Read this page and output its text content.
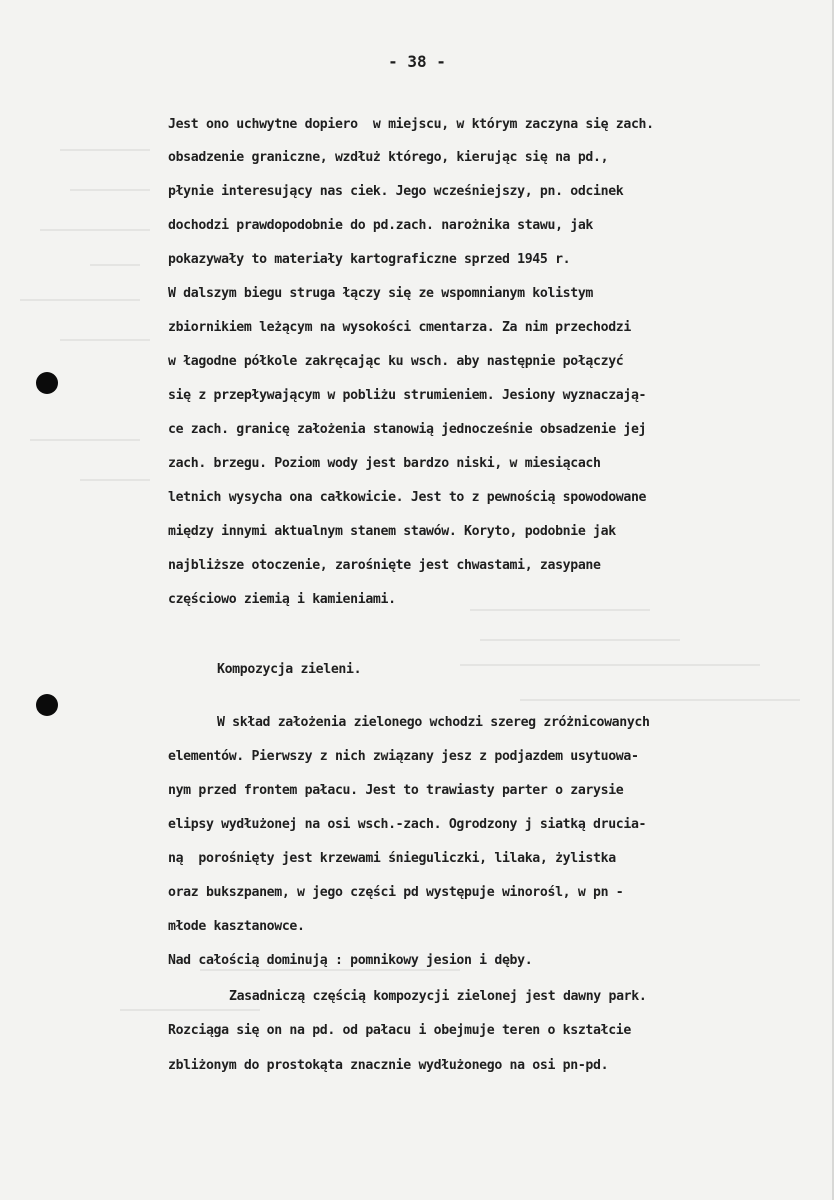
- 38 -
Jest ono uchwytne dopiero  w miejscu, w którym zaczyna się zach.
obsadzenie graniczne, wzdłuż którego, kierując się na pd.,
płynie interesujący nas ciek. Jego wcześniejszy, pn. odcinek
dochodzi prawdopodobnie do pd.zach. narożnika stawu, jak
pokazywały to materiały kartograficzne sprzed 1945 r.
W dalszym biegu struga łączy się ze wspomnianym kolistym
zbiornikiem leżącym na wysokości cmentarza. Za nim przechodzi
w łagodne półkole zakręcając ku wsch. aby następnie połączyć
się z przepływającym w pobliżu strumieniem. Jesiony wyznaczają-
ce zach. granicę założenia stanowią jednocześnie obsadzenie jej
zach. brzegu. Poziom wody jest bardzo niski, w miesiącach
letnich wysycha ona całkowicie. Jest to z pewnością spowodowane
między innymi aktualnym stanem stawów. Koryto, podobnie jak
najbliższe otoczenie, zarośnięte jest chwastami, zasypane
częściowo ziemią i kamieniami.
Kompozycja zieleni.
W skład założenia zielonego wchodzi szereg zróżnicowanych
elementów. Pierwszy z nich związany jesz z podjazdem usytuowa-
nym przed frontem pałacu. Jest to trawiasty parter o zarysie
elipsy wydłużonej na osi wsch.-zach. Ogrodzony j siatką drucia-
ną  porośnięty jest krzewami śnieguliczki, lilaka, żylistka
oraz bukszpanem, w jego części pd występuje winorośl, w pn -
młode kasztanowce.
Nad całością dominują : pomnikowy jesion i dęby.
Zasadniczą częścią kompozycji zielonej jest dawny park.
Rozciąga się on na pd. od pałacu i obejmuje teren o kształcie
zbliżonym do prostokąta znacznie wydłużonego na osi pn-pd.
